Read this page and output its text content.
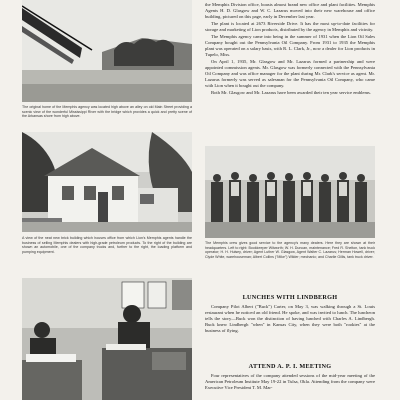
The original home of the Memphis agency was located high above an alley on old Main Street providing a scenic view of the wonderful Mississippi River with the bridge which provides a quick and pretty scene of the Arkansas shore from high above.
A view of the neat new brick building which houses office from which Lion's Memphis agents handle the business of selling Memphis dealers with high-grade petroleum products. To the right of the building are shown an automobile, one of the company trucks and, further to the right, the loading platform and pumping equipment.

the Memphis Division office, boasts almost brand new office and plant facilities. Memphis Agents H. D. Glasgow and W. C. Lazarus moved into their new warehouse and office building, pictured on this page, early in December last year.

The plant is located at 2673 Riverside Drive. It has the most up-to-date facilities for storage and marketing of Lion products, distributed by the agency in Memphis and vicinity.

The Memphis agency came into being in the summer of 1931 when the Lion Oil Sales Company bought out the Pennsylvania Oil Company. From 1931 to 1935 the Memphis plant was operated on a salary basis, with R. L. Clark, Jr., now a dealer for Lion products in Tupelo, Miss.

On April 1, 1935, Mr. Glasgow and Mr. Lazarus formed a partnership and were appointed commission agents. Mr. Glasgow was formerly connected with the Pennsylvania Oil Company and was office manager for the plant during Mr. Clark's service as agent. Mr. Lazarus formerly was served as salesman for the Pennsylvania Oil Company, who came with Lion when it bought out the company.

Both Mr. Glasgow and Mr. Lazarus have been awarded their ten year service emblems.

The Memphis crew gives good service to the agency's many dealers. Here they are shown at their headquarters. Left to right: Bookkeeper Witworth; W. H. Duncan, maintenance; Fred R. Shelton, tank truck operator; H. H. Hulsey, driver; Agent Luther W. Glasgow, Agent Walter C. Lazarus; Herman Howell, driver; Clyde White, warehouseman; Albert Collins ("Mike") Wilder; mechanic; and Charlie Gillis, tank truck driver.
LUNCHES WITH LINDBERGH

Company Pilot Albert ("Buck") Carter, on May 3, was walking through a St. Louis restaurant when he noticed an old friend. He spoke, and was invited to lunch. The luncheon tells the story—Buck won the distinction of having lunched with Charles A. Lindbergh. Buck knew Lindbergh "when" in Kansas City, when they were both "rookies" at the business of flying.

ATTEND A. P. I. MEETING

Four representatives of the company attended sessions of the mid-year meeting of the American Petroleum Institute May 19-22 in Tulsa, Okla. Attending from the company were Executive Vice President T. M. Mar-
